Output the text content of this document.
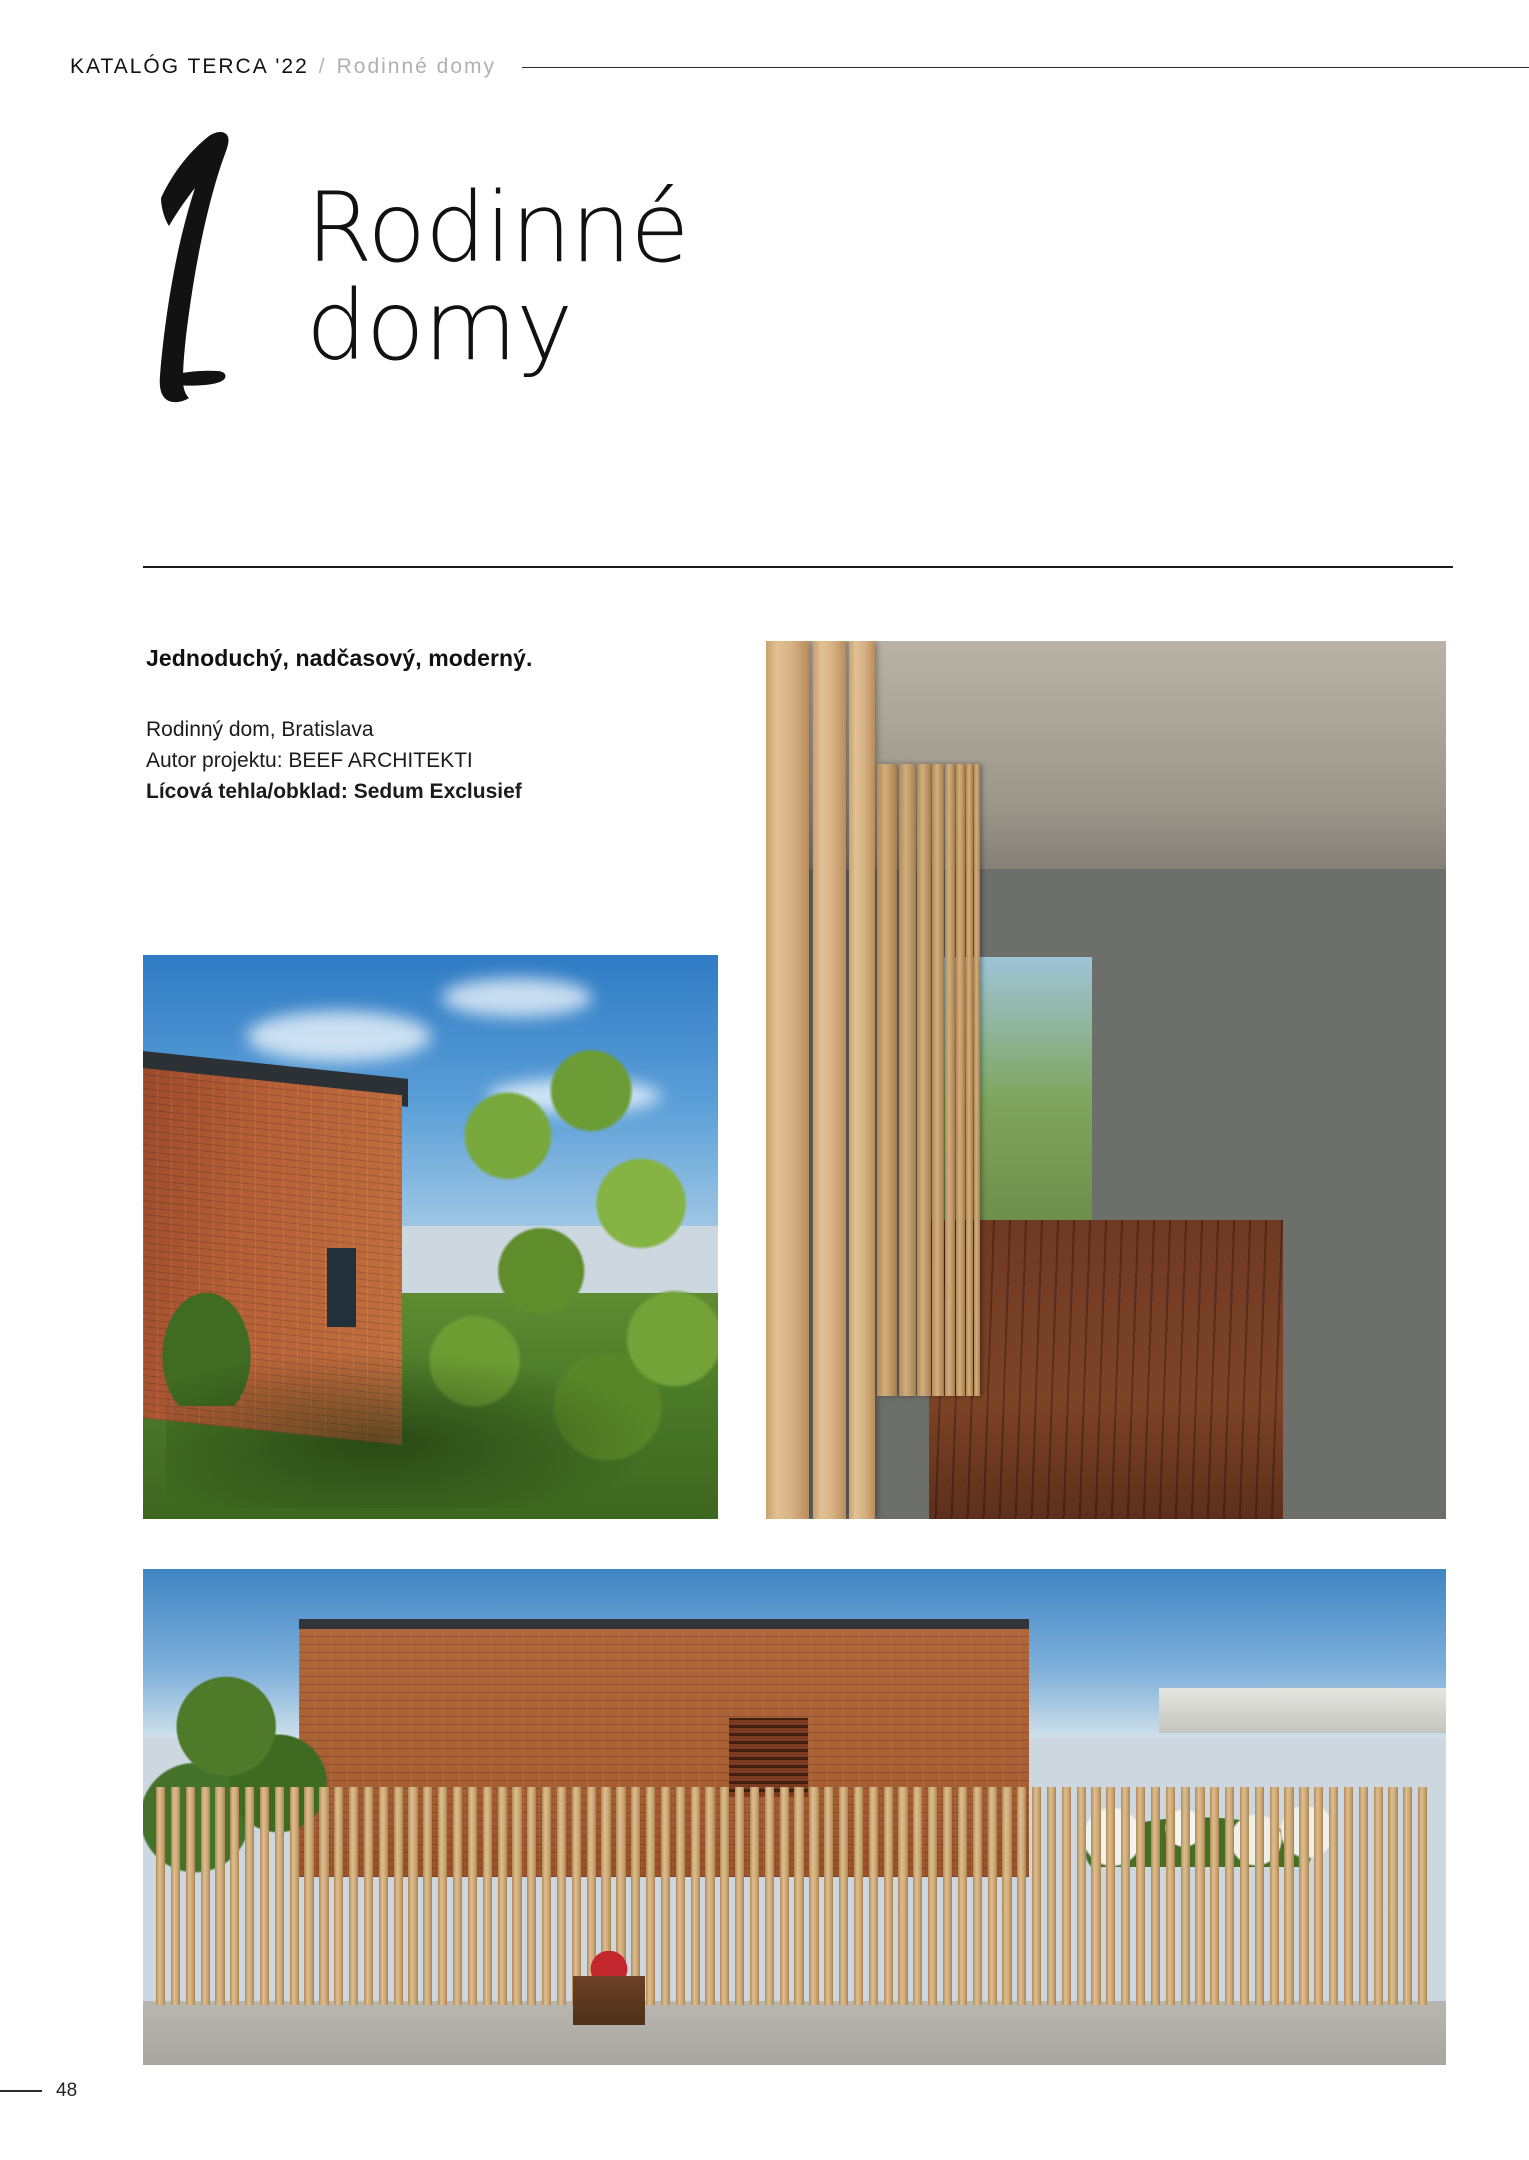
KATALÓG TERCA '22 / Rodinné domy
Rodinné
domy

Jednoduchý, nadčasový, moderný.

Rodinný dom, Bratislava
Autor projektu: BEEF ARCHITEKTI
Lícová tehla/obklad: Sedum Exclusief
48
